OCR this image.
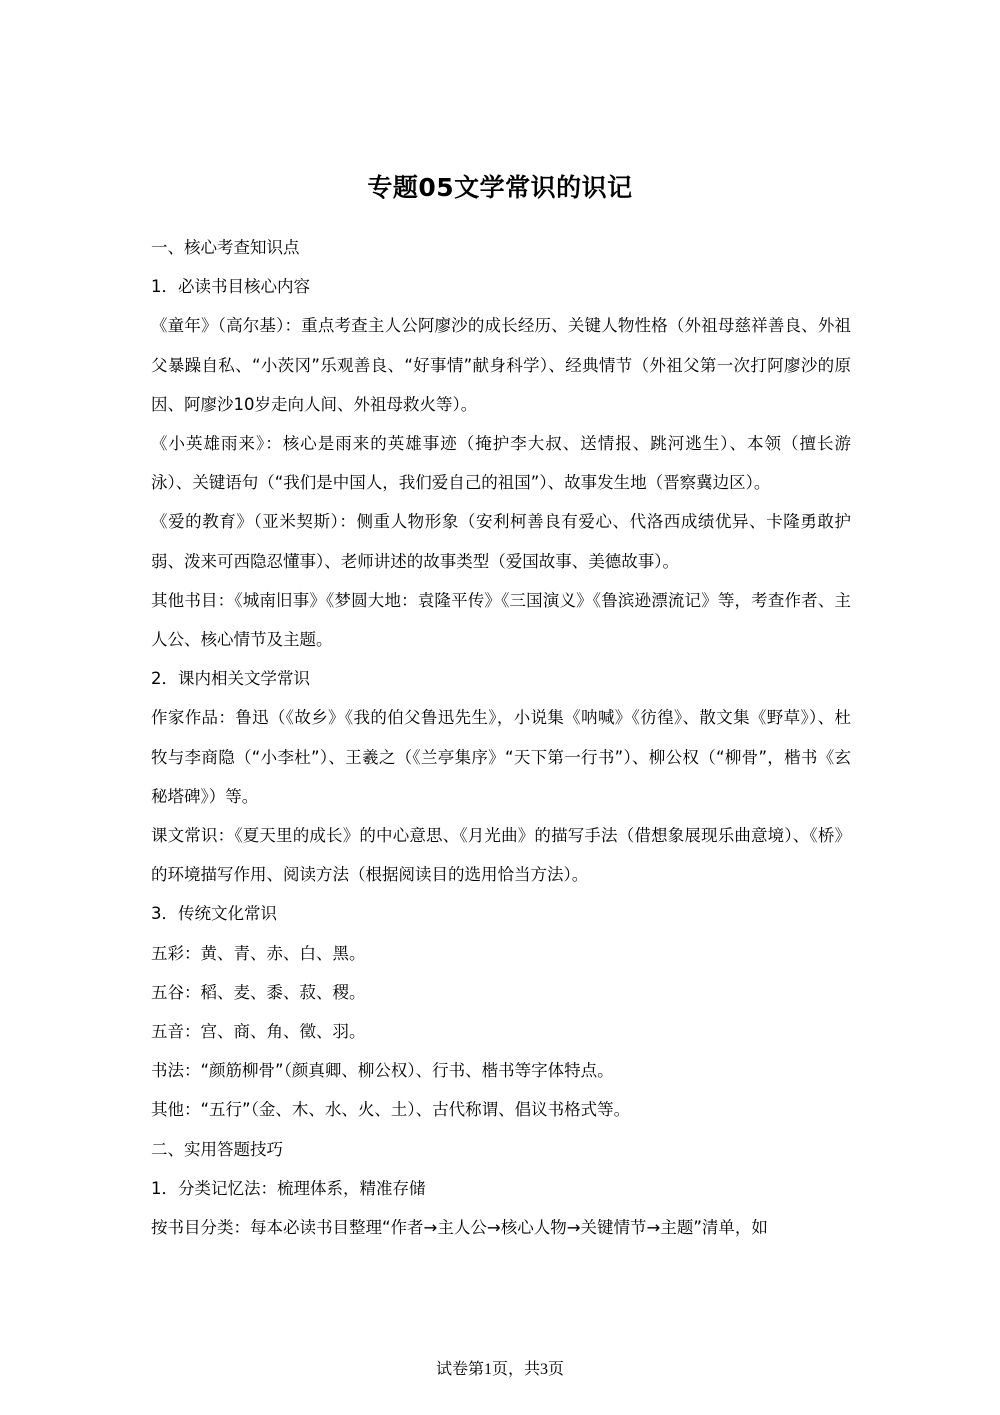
专题05文学常识的识记

一、核心考查知识点

1．必读书目核心内容

《童年》（高尔基）：重点考查主人公阿廖沙的成长经历、关键人物性格（外祖母慈祥善良、外祖父暴躁自私、“小茨冈”乐观善良、“好事情”献身科学）、经典情节（外祖父第一次打阿廖沙的原因、阿廖沙10岁走向人间、外祖母救火等）。

《小英雄雨来》：核心是雨来的英雄事迹（掩护李大叔、送情报、跳河逃生）、本领（擅长游泳）、关键语句（“我们是中国人，我们爱自己的祖国”）、故事发生地（晋察冀边区）。

《爱的教育》（亚米契斯）：侧重人物形象（安利柯善良有爱心、代洛西成绩优异、卡隆勇敢护弱、泼来可西隐忍懂事）、老师讲述的故事类型（爱国故事、美德故事）。

其他书目：《城南旧事》《梦圆大地：袁隆平传》《三国演义》《鲁滨逊漂流记》等，考查作者、主人公、核心情节及主题。

2．课内相关文学常识

作家作品：鲁迅（《故乡》《我的伯父鲁迅先生》，小说集《呐喊》《彷徨》、散文集《野草》）、杜牧与李商隐（“小李杜”）、王羲之（《兰亭集序》“天下第一行书”）、柳公权（“柳骨”，楷书《玄秘塔碑》）等。

课文常识：《夏天里的成长》的中心意思、《月光曲》的描写手法（借想象展现乐曲意境）、《桥》的环境描写作用、阅读方法（根据阅读目的选用恰当方法）。

3．传统文化常识

五彩：黄、青、赤、白、黑。

五谷：稻、麦、黍、菽、稷。

五音：宫、商、角、徵、羽。

书法：“颜筋柳骨”（颜真卿、柳公权）、行书、楷书等字体特点。

其他：“五行”（金、木、水、火、土）、古代称谓、倡议书格式等。

二、实用答题技巧

1．分类记忆法：梳理体系，精准存储

按书目分类：每本必读书目整理“作者→主人公→核心人物→关键情节→主题”清单，如

试卷第1页，共3页
